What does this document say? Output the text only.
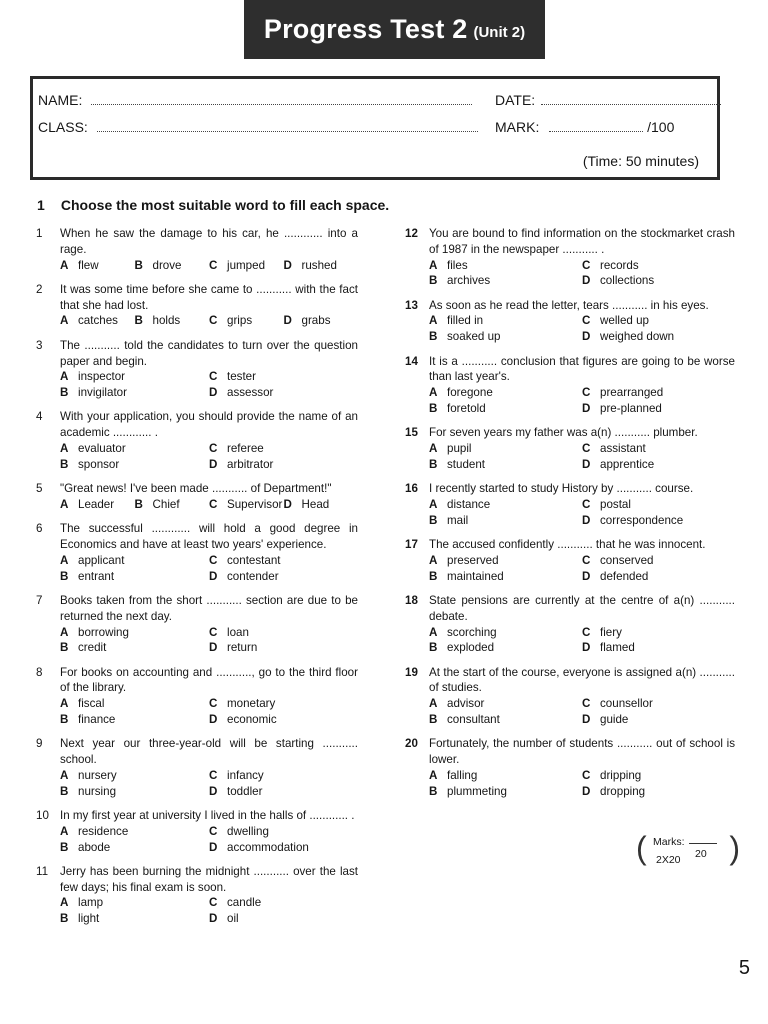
Progress Test 2 (Unit 2)
NAME:
CLASS:
DATE:
MARK:	/100
(Time: 50 minutes)
1 Choose the most suitable word to fill each space.
1	When he saw the damage to his car, he ............ into a rage.
A flew	B drove	C jumped	D rushed
2	It was some time before she came to ........... with the fact that she had lost.
A catches	B holds	C grips	D grabs
3	The ........... told the candidates to turn over the question paper and begin.
A inspector	C tester
B invigilator	D assessor
4	With your application, you should provide the name of an academic ............ .
A evaluator	C referee
B sponsor	D arbitrator
5	"Great news! I've been made ........... of Department!"
A Leader	B Chief	C Supervisor D Head
6	The successful ............ will hold a good degree in Economics and have at least two years' experience.
A applicant	C contestant
B entrant	D contender
7	Books taken from the short ........... section are due to be returned the next day.
A borrowing	C loan
B credit	D return
8	For books on accounting and ..........., go to the third floor of the library.
A fiscal	C monetary
B finance	D economic
9	Next year our three-year-old will be starting ........... school.
A nursery	C infancy
B nursing	D toddler
10 In my first year at university I lived in the halls of ............ .
A residence	C dwelling
B abode	D accommodation
11	Jerry has been burning the midnight ........... over the last few days; his final exam is soon.
A lamp	C candle
B light	D oil
12 You are bound to find information on the stockmarket crash of 1987 in the newspaper ........... .
A files	C records
B archives	D collections
13 As soon as he read the letter, tears ........... in his eyes.
A filled in	C welled up
B soaked up	D weighed down
14 It is a ........... conclusion that figures are going to be worse than last year's.
A foregone	C prearranged
B foretold	D pre-planned
15 For seven years my father was a(n) ........... plumber.
A pupil	C assistant
B student	D apprentice
16 I recently started to study History by ........... course.
A distance	C postal
B mail	D correspondence
17 The accused confidently ........... that he was innocent.
A preserved	C conserved
B maintained	D defended
18 State pensions are currently at the centre of a(n) ........... debate.
A scorching	C fiery
B exploded	D flamed
19 At the start of the course, everyone is assigned a(n) ........... of studies.
A advisor	C counsellor
B consultant	D guide
20 Fortunately, the number of students ........... out of school is lower.
A falling	C dripping
B plummeting	D dropping
(	)
Marks:
20
2X20
5
